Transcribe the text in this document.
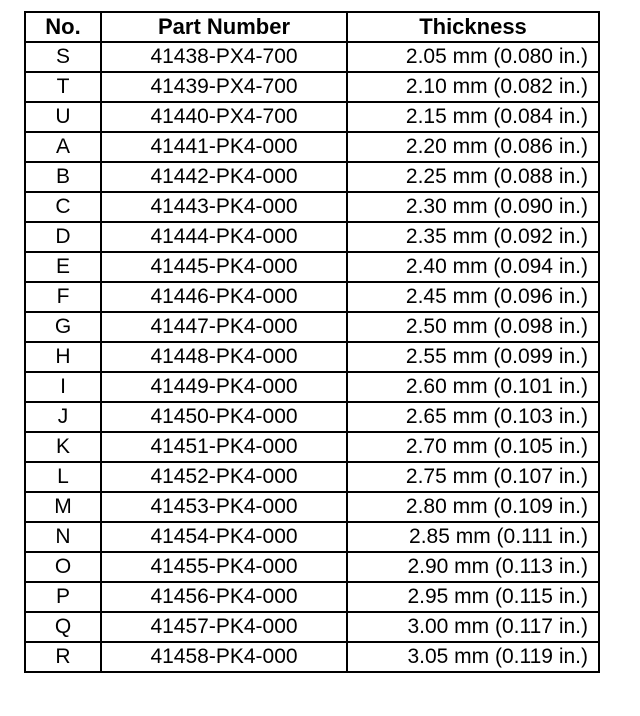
No.	Part Number	Thickness
S	41438-PX4-700	2.05 mm (0.080 in.)
T	41439-PX4-700	2.10 mm (0.082 in.)
U	41440-PX4-700	2.15 mm (0.084 in.)
A	41441-PK4-000	2.20 mm (0.086 in.)
B	41442-PK4-000	2.25 mm (0.088 in.)
C	41443-PK4-000	2.30 mm (0.090 in.)
D	41444-PK4-000	2.35 mm (0.092 in.)
E	41445-PK4-000	2.40 mm (0.094 in.)
F	41446-PK4-000	2.45 mm (0.096 in.)
G	41447-PK4-000	2.50 mm (0.098 in.)
H	41448-PK4-000	2.55 mm (0.099 in.)
I	41449-PK4-000	2.60 mm (0.101 in.)
J	41450-PK4-000	2.65 mm (0.103 in.)
K	41451-PK4-000	2.70 mm (0.105 in.)
L	41452-PK4-000	2.75 mm (0.107 in.)
M	41453-PK4-000	2.80 mm (0.109 in.)
N	41454-PK4-000	2.85 mm (0.111 in.)
O	41455-PK4-000	2.90 mm (0.113 in.)
P	41456-PK4-000	2.95 mm (0.115 in.)
Q	41457-PK4-000	3.00 mm (0.117 in.)
R	41458-PK4-000	3.05 mm (0.119 in.)
